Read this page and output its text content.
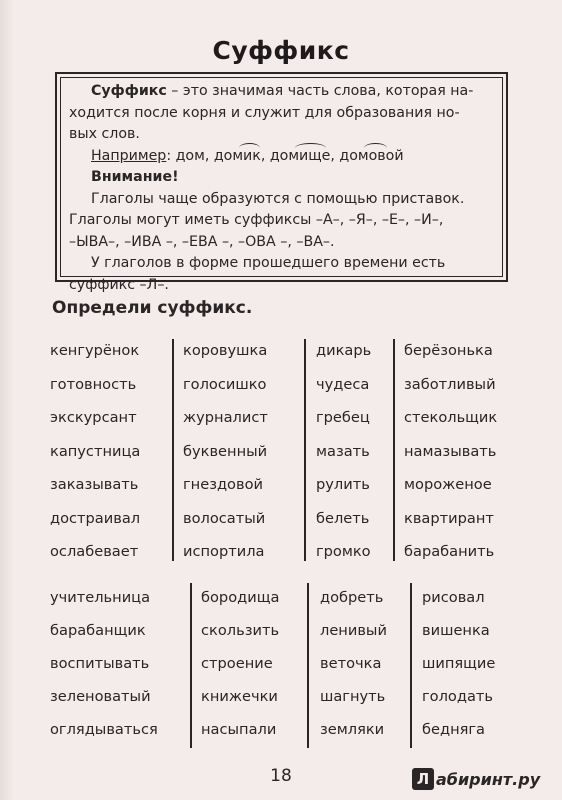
Суффикс

Суффикс – это значимая часть слова, которая на-

ходится после корня и служит для образования но-

вых слов.

Например: дом, домик
, домище
, домовой

Внимание!

Глаголы чаще образуются с помощью приставок.

Глаголы могут иметь суффиксы –А–, –Я–, –Е–, –И–,

–ЫВА–, –ИВА –, –ЕВА –, –ОВА –, –ВА–.

У глаголов в форме прошедшего времени есть

суффикс –Л–.

Определи суффикс.
кенгурёнок
готовность
экскурсант
капустница
заказывать
достраивал
ослабевает
коровушка
голосишко
журналист
буквенный
гнездовой
волосатый
испортила
дикарь
чудеса
гребец
мазать
рулить
белеть
громко
берёзонька
заботливый
стекольщик
намазывать
мороженое
квартирант
барабанить
учительница
барабанщик
воспитывать
зеленоватый
оглядываться
бородища
скользить
строение
книжечки
насыпали
добреть
ленивый
веточка
шагнуть
земляки
рисовал
вишенка
шипящие
голодать
бедняга
18	Л абиринт.ру
